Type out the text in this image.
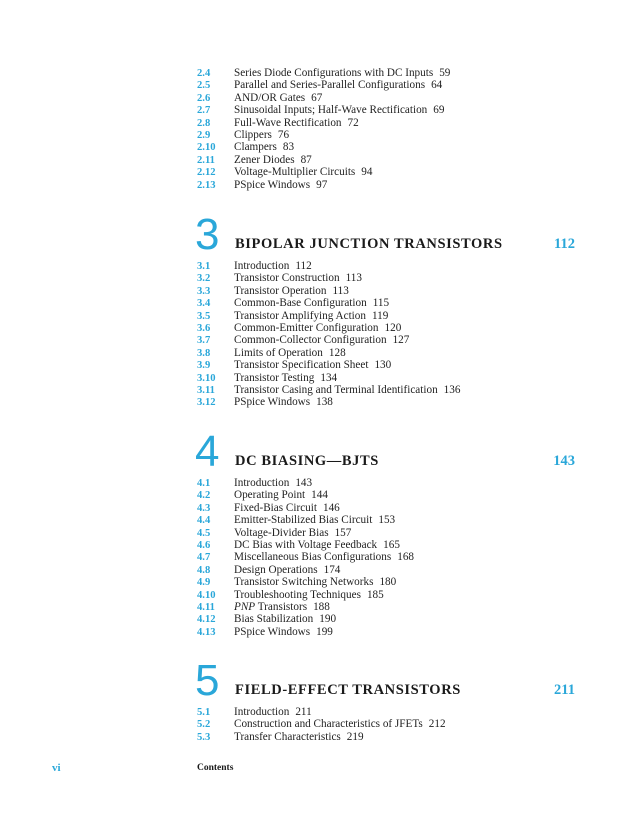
2.4	Series Diode Configurations with DC Inputs 59
2.5	Parallel and Series-Parallel Configurations 64
2.6	AND/OR Gates 67
2.7	Sinusoidal Inputs; Half-Wave Rectification 69
2.8	Full-Wave Rectification 72
2.9	Clippers 76
2.10	Clampers 83
2.11	Zener Diodes 87
2.12	Voltage-Multiplier Circuits 94
2.13	PSpice Windows 97
3 BIPOLAR JUNCTION TRANSISTORS	112
3.1	Introduction 112
3.2	Transistor Construction 113
3.3	Transistor Operation 113
3.4	Common-Base Configuration 115
3.5	Transistor Amplifying Action 119
3.6	Common-Emitter Configuration 120
3.7	Common-Collector Configuration 127
3.8	Limits of Operation 128
3.9	Transistor Specification Sheet 130
3.10	Transistor Testing 134
3.11	Transistor Casing and Terminal Identification 136
3.12	PSpice Windows 138
4 DC BIASING—BJTS	143
4.1	Introduction 143
4.2	Operating Point 144
4.3	Fixed-Bias Circuit 146
4.4	Emitter-Stabilized Bias Circuit 153
4.5	Voltage-Divider Bias 157
4.6	DC Bias with Voltage Feedback 165
4.7	Miscellaneous Bias Configurations 168
4.8	Design Operations 174
4.9	Transistor Switching Networks 180
4.10	Troubleshooting Techniques 185
4.11	PNP Transistors 188
4.12	Bias Stabilization 190
4.13	PSpice Windows 199
5 FIELD-EFFECT TRANSISTORS	211
5.1	Introduction 211
5.2	Construction and Characteristics of JFETs 212
5.3	Transfer Characteristics 219
vi	Contents
